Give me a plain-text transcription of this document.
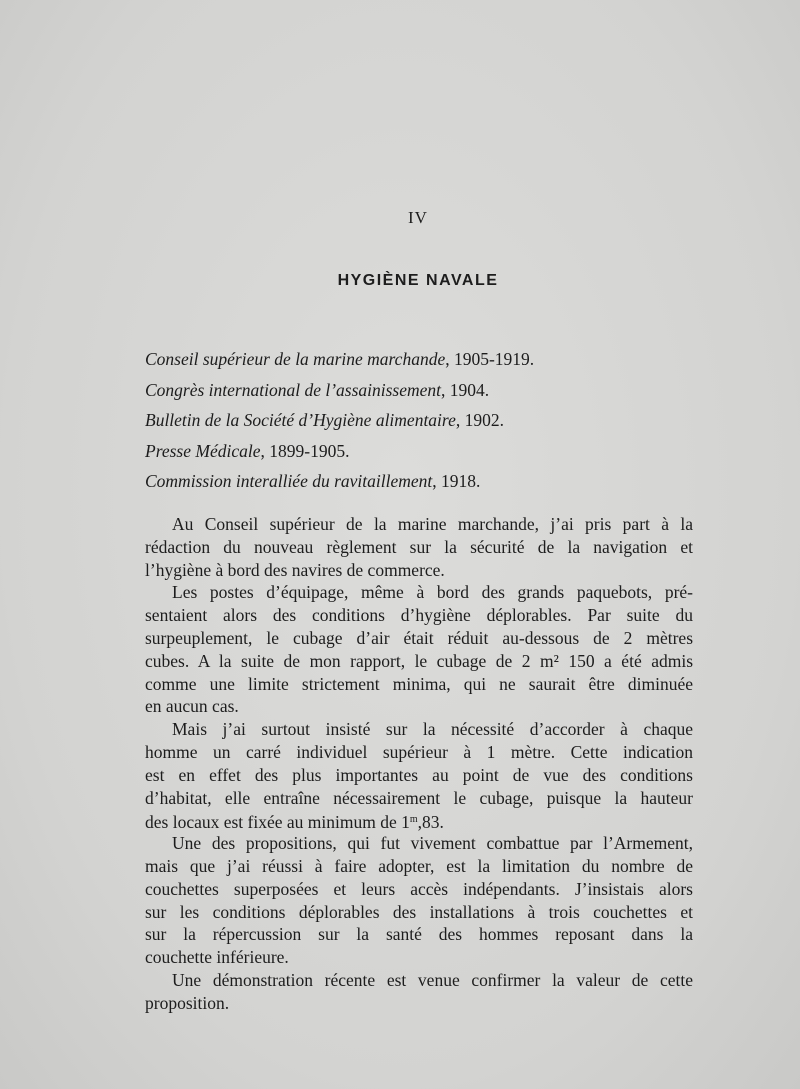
IV
HYGIÈNE NAVALE
Conseil supérieur de la marine marchande, 1905-1919.
Congrès international de l’assainissement, 1904.
Bulletin de la Société d’Hygiène alimentaire, 1902.
Presse Médicale, 1899-1905.
Commission interalliée du ravitaillement, 1918.
Au Conseil supérieur de la marine marchande, j’ai pris part à la
rédaction du nouveau règlement sur la sécurité de la navigation et
l’hygiène à bord des navires de commerce.
Les postes d’équipage, même à bord des grands paquebots, pré-
sentaient alors des conditions d’hygiène déplorables. Par suite du
surpeuplement, le cubage d’air était réduit au-dessous de 2 mètres
cubes. A la suite de mon rapport, le cubage de 2 m² 150 a été admis
comme une limite strictement minima, qui ne saurait être diminuée
en aucun cas.
Mais j’ai surtout insisté sur la nécessité d’accorder à chaque
homme un carré individuel supérieur à 1 mètre. Cette indication
est en effet des plus importantes au point de vue des conditions
d’habitat, elle entraîne nécessairement le cubage, puisque la hauteur
des locaux est fixée au minimum de 1$^m$,83.
Une des propositions, qui fut vivement combattue par l’Armement,
mais que j’ai réussi à faire adopter, est la limitation du nombre de
couchettes superposées et leurs accès indépendants. J’insistais alors
sur les conditions déplorables des installations à trois couchettes et
sur la répercussion sur la santé des hommes reposant dans la
couchette inférieure.
Une démonstration récente est venue confirmer la valeur de cette
proposition.
